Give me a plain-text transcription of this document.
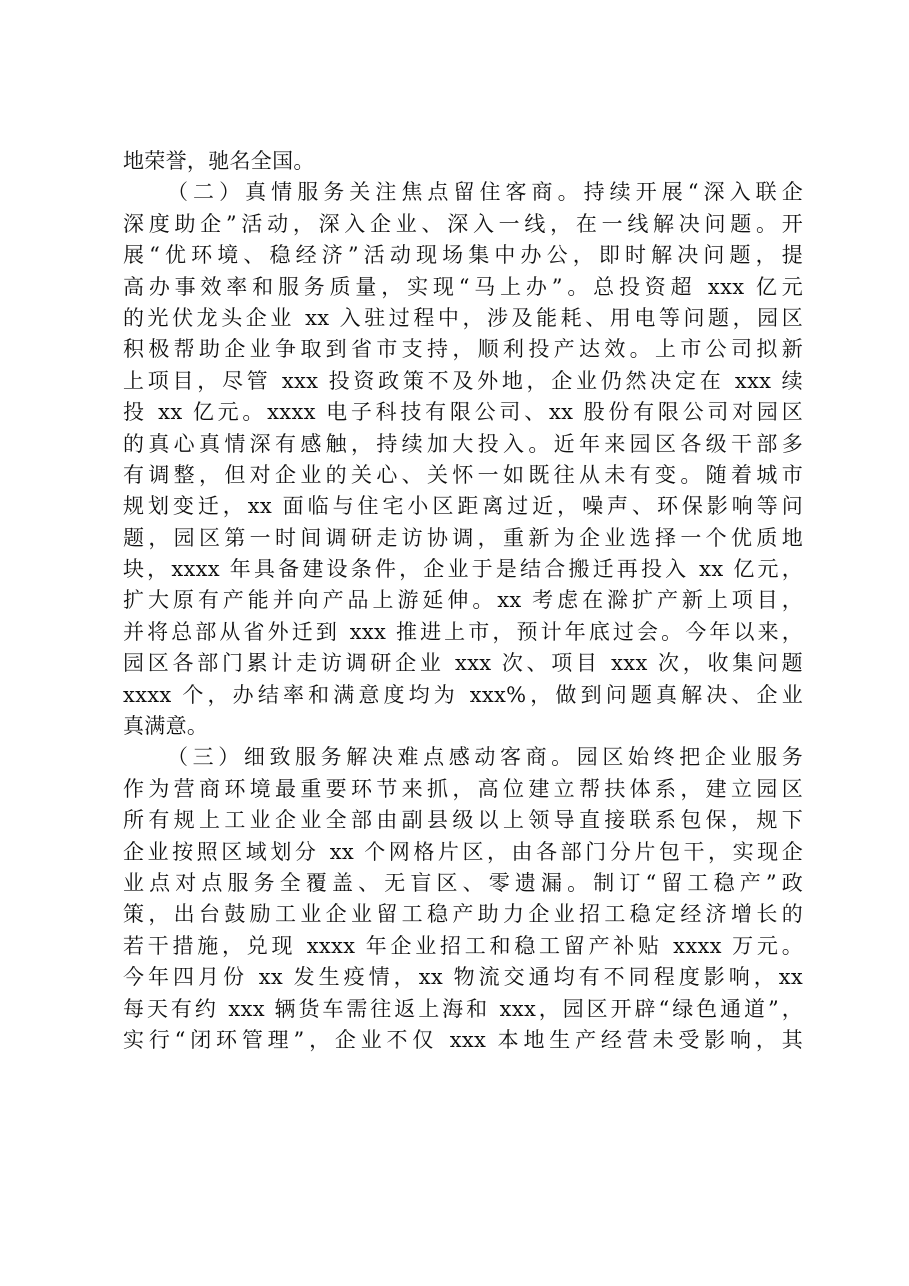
地荣誉，驰名全国。
（二）真情服务关注焦点留住客商。持续开展“深入联企
深度助企”活动，深入企业、深入一线，在一线解决问题。开
展“优环境、稳经济”活动现场集中办公，即时解决问题，提
高办事效率和服务质量，实现“马上办”。总投资超 xxx 亿元
的光伏龙头企业 xx 入驻过程中，涉及能耗、用电等问题，园区
积极帮助企业争取到省市支持，顺利投产达效。上市公司拟新
上项目，尽管 xxx 投资政策不及外地，企业仍然决定在 xxx 续
投 xx 亿元。xxxx 电子科技有限公司、xx 股份有限公司对园区
的真心真情深有感触，持续加大投入。近年来园区各级干部多
有调整，但对企业的关心、关怀一如既往从未有变。随着城市
规划变迁，xx 面临与住宅小区距离过近，噪声、环保影响等问
题，园区第一时间调研走访协调，重新为企业选择一个优质地
块，xxxx 年具备建设条件，企业于是结合搬迁再投入 xx 亿元，
扩大原有产能并向产品上游延伸。xx 考虑在滁扩产新上项目，
并将总部从省外迁到 xxx 推进上市，预计年底过会。今年以来，
园区各部门累计走访调研企业 xxx 次、项目 xxx 次，收集问题
xxxx 个，办结率和满意度均为 xxx%，做到问题真解决、企业
真满意。
（三）细致服务解决难点感动客商。园区始终把企业服务
作为营商环境最重要环节来抓，高位建立帮扶体系，建立园区
所有规上工业企业全部由副县级以上领导直接联系包保，规下
企业按照区域划分 xx 个网格片区，由各部门分片包干，实现企
业点对点服务全覆盖、无盲区、零遗漏。制订“留工稳产”政
策，出台鼓励工业企业留工稳产助力企业招工稳定经济增长的
若干措施，兑现 xxxx 年企业招工和稳工留产补贴 xxxx 万元。
今年四月份 xx 发生疫情，xx 物流交通均有不同程度影响，xx
每天有约 xxx 辆货车需往返上海和 xxx，园区开辟“绿色通道”，
实行“闭环管理”，企业不仅 xxx 本地生产经营未受影响，其
